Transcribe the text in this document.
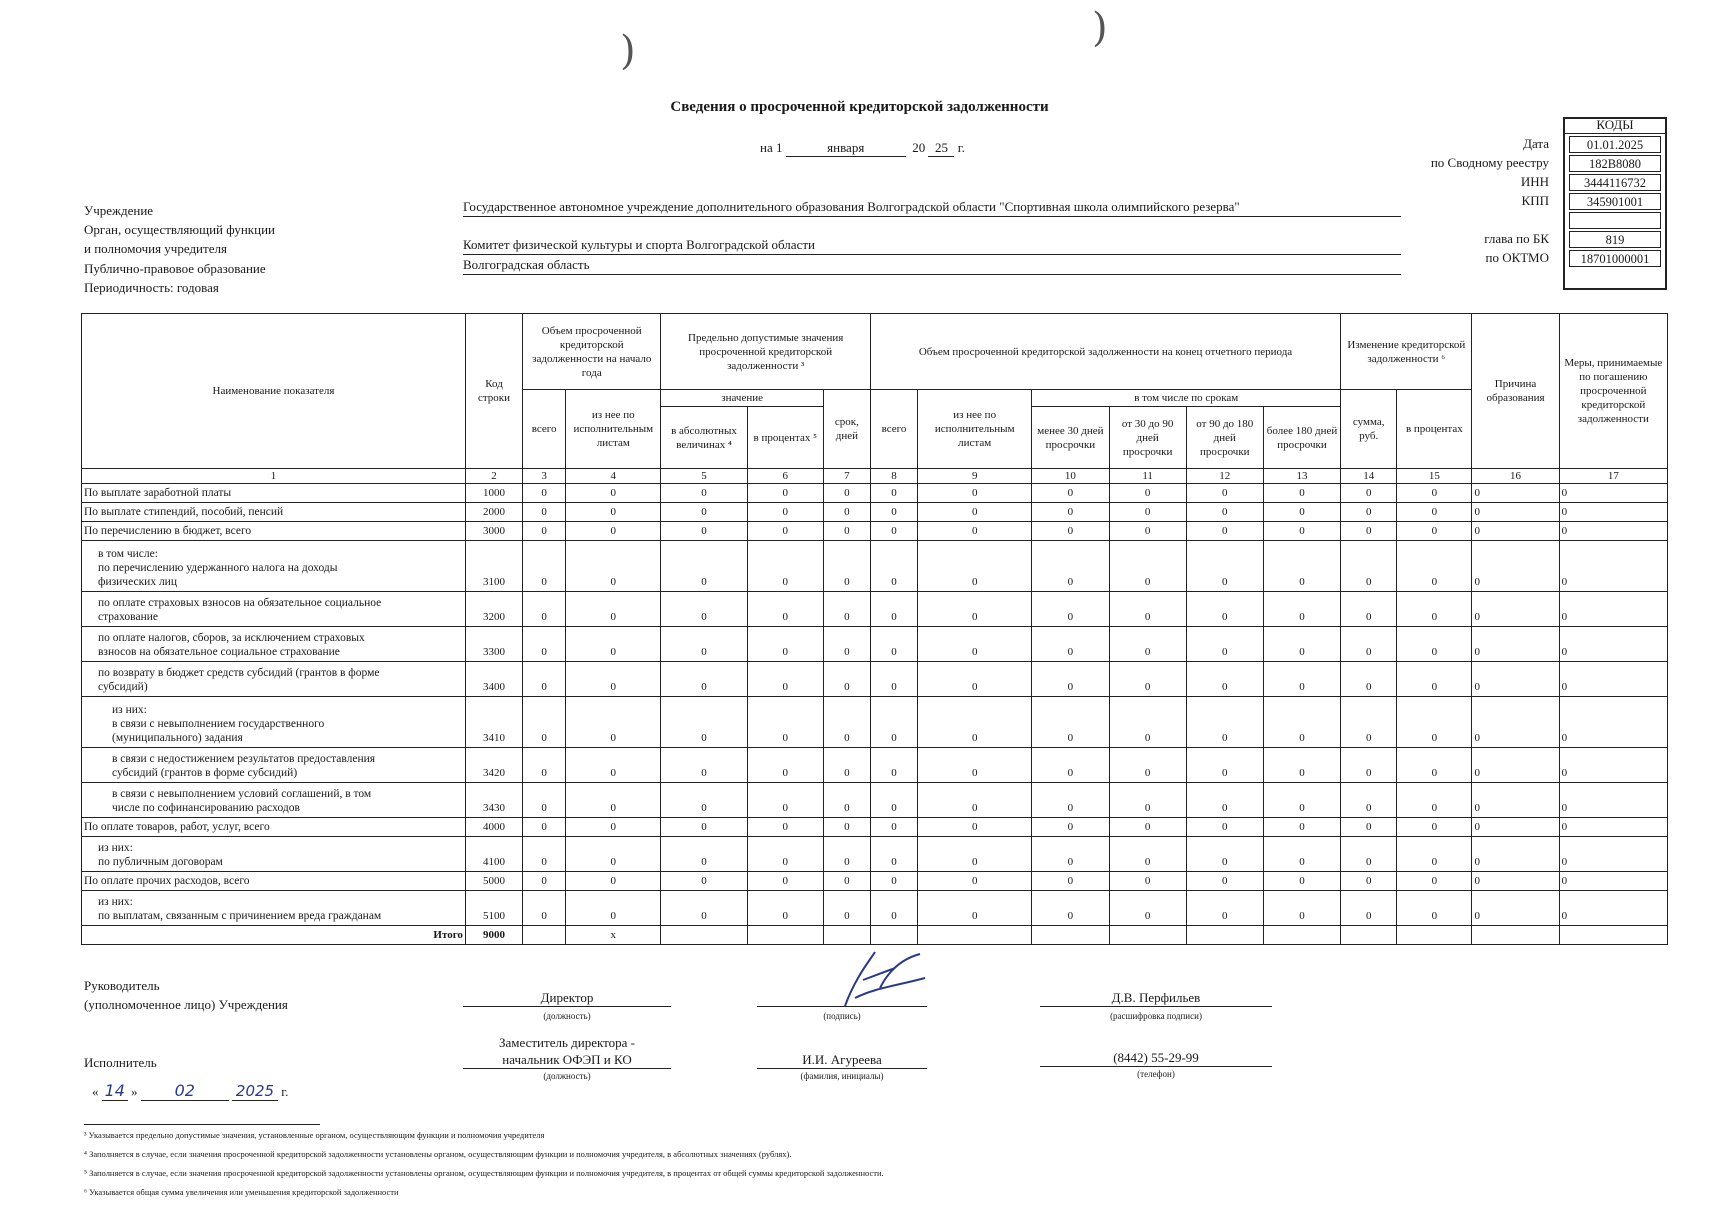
)	)
Сведения о просроченной кредиторской задолженности
на 1	января	20 25 г.
Учреждение
Орган, осуществляющий функции
и полномочия учредителя
Публично-правовое образование
Периодичность: годовая
Государственное автономное учреждение дополнительного образования Волгоградской области "Спортивная школа олимпийского резерва"
Комитет физической культуры и спорта Волгоградской области
Волгоградская область
КОДЫ
01.01.2025
Дата
182В8080
по Сводному реестру
3444116732
ИНН
345901001
КПП
819
глава по БК
18701000001
по ОКТМО
Наименование показателя	Код строки	Объем просроченной кредиторской задолженности на начало года		Предельно допустимые значения просроченной кредиторской задолженности ³			Объем просроченной кредиторской задолженности на конец отчетного периода						Изменение кредиторской задолженности ⁶		Причина образования	Меры, принимаемые по погашению просроченной кредиторской задолженности
		всего	из нее по исполнительным листам	значение		срок, дней	всего	из нее по исполнительным листам	в том числе по срокам				сумма, руб.	в процентах		
				в абсолютных величинах ⁴	в процентах ⁵				менее 30 дней просрочки	от 30 до 90 дней просрочки	от 90 до 180 дней просрочки	более 180 дней просрочки				
1	2	3	4	5	6	7	8	9	10	11	12	13	14	15	16	17

По выплате заработной платы	1000	0	0	0	0	0	0	0	0	0	0	0	0	0	0	0

По выплате стипендий, пособий, пенсий	2000	0	0	0	0	0	0	0	0	0	0	0	0	0	0	0

По перечислению в бюджет, всего	3000	0	0	0	0	0	0	0	0	0	0	0	0	0	0	0

в том числе:
по перечислению удержанного налога на доходы
физических лиц	3100	0	0	0	0	0	0	0	0	0	0	0	0	0	0	0

по оплате страховых взносов на обязательное социальное
страхование	3200	0	0	0	0	0	0	0	0	0	0	0	0	0	0	0

по оплате налогов, сборов, за исключением страховых
взносов на обязательное социальное страхование	3300	0	0	0	0	0	0	0	0	0	0	0	0	0	0	0

по возврату в бюджет средств субсидий (грантов в форме
субсидий)	3400	0	0	0	0	0	0	0	0	0	0	0	0	0	0	0

из них:
в связи с невыполнением государственного
(муниципального) задания	3410	0	0	0	0	0	0	0	0	0	0	0	0	0	0	0

в связи с недостижением результатов предоставления
субсидий (грантов в форме субсидий)	3420	0	0	0	0	0	0	0	0	0	0	0	0	0	0	0

в связи с невыполнением условий соглашений, в том
числе по софинансированию расходов	3430	0	0	0	0	0	0	0	0	0	0	0	0	0	0	0

По оплате товаров, работ, услуг, всего	4000	0	0	0	0	0	0	0	0	0	0	0	0	0	0	0

из них:
по публичным договорам	4100	0	0	0	0	0	0	0	0	0	0	0	0	0	0	0

По оплате прочих расходов, всего	5000	0	0	0	0	0	0	0	0	0	0	0	0	0	0	0

из них:
по выплатам, связанным с причинением вреда гражданам	5100	0	0	0	0	0	0	0	0	0	0	0	0	0	0	0
Итого	9000		х													
Руководитель
(уполномоченное лицо) Учреждения	Директор
(должность)	(подпись)
Д.В. Перфильев
(расшифровка подписи)
Исполнитель
Заместитель директора -
начальник ОФЭП и КО
(должность)
И.И. Агуреева
(фамилия, инициалы)
(8442) 55-29-99
(телефон)
« 14 » 02	2025 г.
³ Указывается предельно допустимые значения, установленные органом, осуществляющим функции и полномочия учредителя
⁴ Заполняется в случае, если значения просроченной кредиторской задолженности установлены органом, осуществляющим функции и полномочия учредителя, в абсолютных значениях (рублях).
⁵ Заполняется в случае, если значения просроченной кредиторской задолженности установлены органом, осуществляющим функции и полномочия учредителя, в процентах от общей суммы кредиторской задолженности.
⁶ Указывается общая сумма увеличения или уменьшения кредиторской задолженности
